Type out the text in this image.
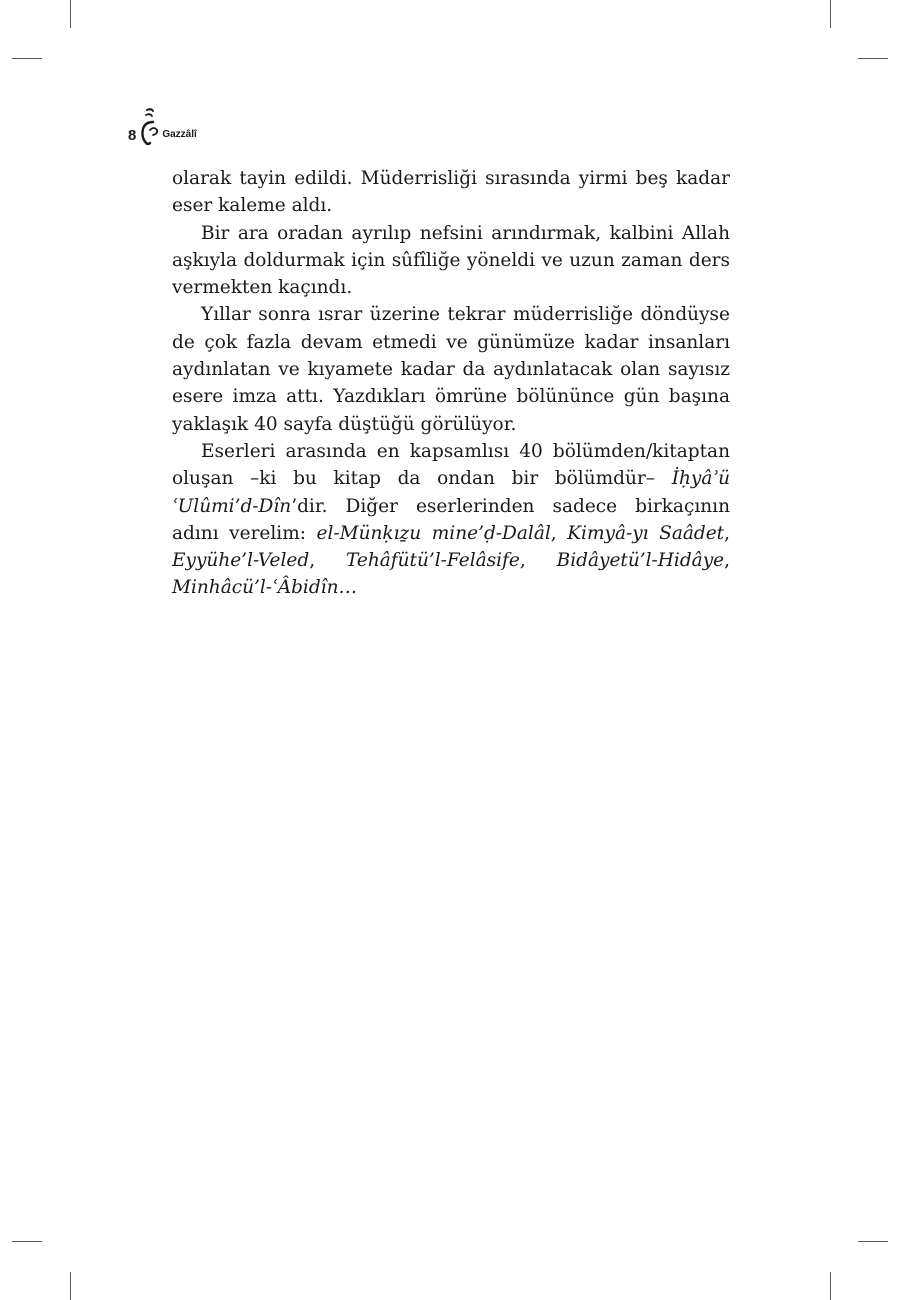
8	Gazzâlî

olarak tayin edildi. Müderrisliği sırasında yirmi beş kadar eser kaleme aldı.

Bir ara oradan ayrılıp nefsini arındırmak, kalbini Allah aşkıyla doldurmak için sûfîliğe yöneldi ve uzun zaman ders vermekten kaçındı.

Yıllar sonra ısrar üzerine tekrar müderrisliğe döndüyse de çok fazla devam etmedi ve günümüze kadar insanları aydınlatan ve kıyamete kadar da aydınlatacak olan sayısız esere imza attı. Yazdıkları ömrüne bölününce gün başına yaklaşık 40 sayfa düştüğü görülüyor.

Eserleri arasında en kapsamlısı 40 bölümden/kitaptan oluşan –ki bu kitap da ondan bir bölümdür– İḥyâʾü ʿUlûmi’d-Dîn’dir. Diğer eserlerinden sadece birkaçının adını verelim: el-Münḳıẕu mine’ḍ-Dalâl, Kimyâ-yı Saâdet, Eyyühe’l-Veled, Tehâfütü’l-Felâsife, Bidâyetü’l-Hidâye, Minhâcü’l-ʿÂbidîn…
